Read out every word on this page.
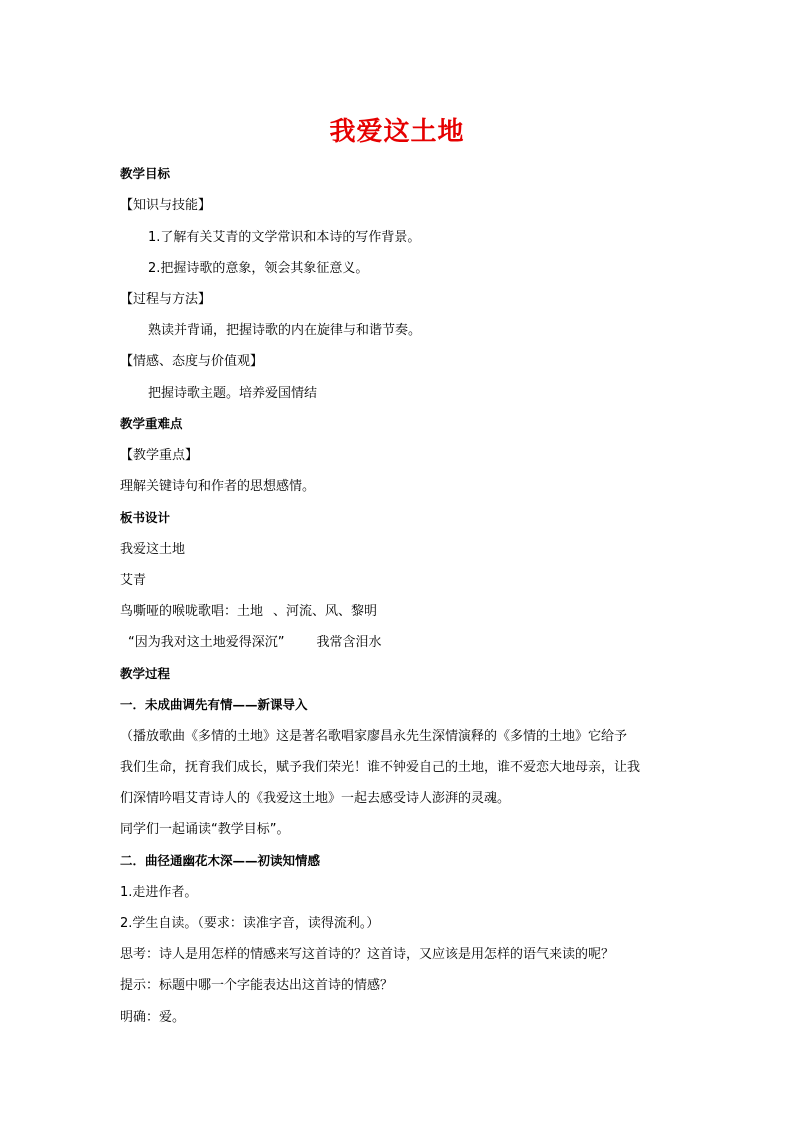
我爱这土地
教学目标
【知识与技能】
1.了解有关艾青的文学常识和本诗的写作背景。
2.把握诗歌的意象，领会其象征意义。
【过程与方法】
熟读并背诵，把握诗歌的内在旋律与和谐节奏。
【情感、态度与价值观】
把握诗歌主题。培养爱国情结
教学重难点
【教学重点】
理解关键诗句和作者的思想感情。
板书设计
我爱这土地
艾青
鸟嘶哑的喉咙歌唱：土地 、河流、风、黎明
“因为我对这土地爱得深沉” 我常含泪水
教学过程
一．未成曲调先有情——新课导入
（播放歌曲《多情的土地》这是著名歌唱家廖昌永先生深情演释的《多情的土地》它给予
我们生命，抚育我们成长，赋予我们荣光！谁不钟爱自己的土地，谁不爱恋大地母亲，让我
们深情吟唱艾青诗人的《我爱这土地》一起去感受诗人澎湃的灵魂。
同学们一起诵读“教学目标”。
二．曲径通幽花木深——初读知情感
1.走进作者。
2.学生自读。（要求：读准字音，读得流利。）
思考：诗人是用怎样的情感来写这首诗的？这首诗，又应该是用怎样的语气来读的呢？
提示：标题中哪一个字能表达出这首诗的情感？
明确：爱。
